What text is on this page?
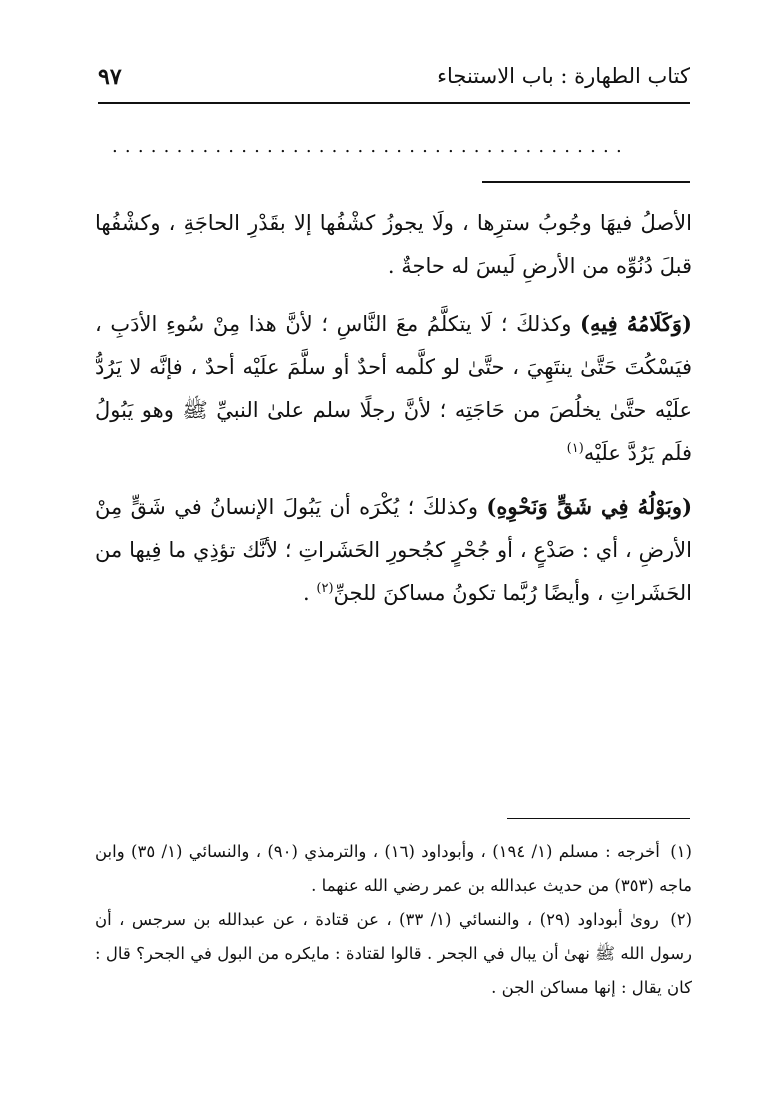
كتاب الطهارة : باب الاستنجاء
٩٧
........................................

الأصلُ فيهَا وجُوبُ سترِها ، ولَا يجوزُ كشْفُها إلا بقَدْرِ الحاجَةِ ، وكشْفُها قبلَ دُنُوِّه من الأرضِ لَيسَ له حاجةٌ .

(وَكَلَامُهُ فِيهِ) وكذلكَ ؛ لَا يتكلَّمُ معَ النَّاسِ ؛ لأنَّ هذا مِنْ سُوءِ الأدَبِ ، فيَسْكُتَ حَتَّىٰ ينتَهِيَ ، حتَّىٰ لو كلَّمه أحدٌ أو سلَّمَ علَيْه أحدٌ ، فإنَّه لا يَرُدُّ علَيْه حتَّىٰ يخلُصَ من حَاجَتِه ؛ لأنَّ رجلًا سلم علىٰ النبيِّ ﷺ وهو يَبُولُ فلَم يَرُدَّ علَيْه$^{(١)}$

(وبَوْلُهُ فِي شَقٍّ وَنَحْوِهِ) وكذلكَ ؛ يُكْرَه أن يَبُولَ الإنسانُ في شَقٍّ مِنْ الأرضِ ، أي : صَدْعٍ ، أو جُحْرٍ كجُحورِ الحَشَراتِ ؛ لأنَّك تؤذِي ما فِيها من الحَشَراتِ ، وأيضًا رُبَّما تكونُ مساكنَ للجنِّ$^{(٢)}$ .

(١) أخرجه : مسلم (١/ ١٩٤) ، وأبوداود (١٦) ، والترمذي (٩٠) ، والنسائي (١/ ٣٥) وابن ماجه (٣٥٣) من حديث عبدالله بن عمر رضي الله عنهما .

(٢) روىٰ أبوداود (٢٩) ، والنسائي (١/ ٣٣) ، عن قتادة ، عن عبدالله بن سرجس ، أن رسول الله ﷺ نهىٰ أن يبال في الجحر . قالوا لقتادة : مايكره من البول في الجحر؟ قال : كان يقال : إنها مساكن الجن .
